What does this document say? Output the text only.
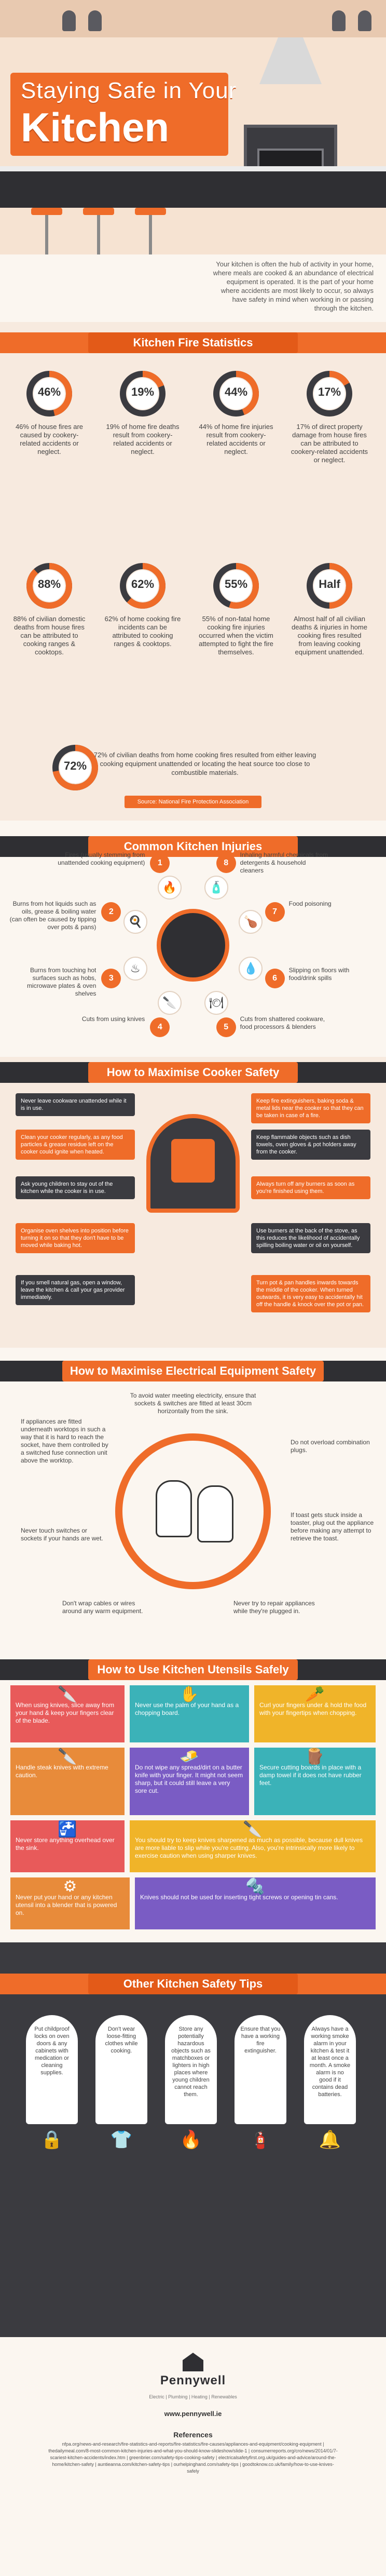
Staying Safe in Your
Kitchen
Your kitchen is often the hub of activity in your home, where meals are cooked & an abundance of electrical equipment is operated. It is the part of your home where accidents are most likely to occur, so always have safety in mind when working in or passing through the kitchen.
Kitchen Fire Statistics
46%
46% of house fires are caused by cookery-related accidents or neglect.
19%
19% of home fire deaths result from cookery-related accidents or neglect.
44%
44% of home fire injuries result from cookery-related accidents or neglect.
17%
17% of direct property damage from house fires can be attributed to cookery-related accidents or neglect.
88%
88% of civilian domestic deaths from house fires can be attributed to cooking ranges & cooktops.
62%
62% of home cooking fire incidents can be attributed to cooking ranges & cooktops.
55%
55% of non-fatal home cooking fire injuries occurred when the victim attempted to fight the fire themselves.
Half
Almost half of all civilian deaths & injuries in home cooking fires resulted from leaving cooking equipment unattended.
72%
72% of civilian deaths from home cooking fires resulted from either leaving cooking equipment unattended or locating the heat source too close to combustible materials.
Source: National Fire Protection Association
Common Kitchen Injuries
🔥
1
Fires (usually stemming from unattended cooking equipment)
🍳
2
Burns from hot liquids such as oils, grease & boiling water (can often be caused by tipping over pots & pans)
♨
3
Burns from touching hot surfaces such as hobs, microwave plates & oven shelves
🔪
4
Cuts from using knives
🍽
5
Cuts from shattered cookware, food processors & blenders
💧
6
Slipping on floors with food/drink spills
🍗
7
Food poisoning
🧴
8
Inhaling harmful chemicals from detergents & household cleaners
How to Maximise Cooker Safety
Never leave cookware unattended while it is in use.
Clean your cooker regularly, as any food particles & grease residue left on the cooker could ignite when heated.
Ask young children to stay out of the kitchen while the cooker is in use.
Organise oven shelves into position before turning it on so that they don't have to be moved while baking hot.
If you smell natural gas, open a window, leave the kitchen & call your gas provider immediately.
Keep fire extinguishers, baking soda & metal lids near the cooker so that they can be taken in case of a fire.
Keep flammable objects such as dish towels, oven gloves & pot holders away from the cooker.
Always turn off any burners as soon as you're finished using them.
Use burners at the back of the stove, as this reduces the likelihood of accidentally spilling boiling water or oil on yourself.
Turn pot & pan handles inwards towards the middle of the cooker. When turned outwards, it is very easy to accidentally hit off the handle & knock over the pot or pan.
How to Maximise Electrical Equipment Safety
To avoid water meeting electricity, ensure that sockets & switches are fitted at least 30cm horizontally from the sink.
If appliances are fitted underneath worktops in such a way that it is hard to reach the socket, have them controlled by a switched fuse connection unit above the worktop.
Do not overload combination plugs.
Never touch switches or sockets if your hands are wet.
If toast gets stuck inside a toaster, plug out the appliance before making any attempt to retrieve the toast.
Don't wrap cables or wires around any warm equipment.
Never try to repair appliances while they're plugged in.
How to Use Kitchen Utensils Safely
🔪
When using knives, slice away from your hand & keep your fingers clear of the blade.
✋
Never use the palm of your hand as a chopping board.
🥕
Curl your fingers under & hold the food with your fingertips when chopping.
🔪
Handle steak knives with extreme caution.
🧈
Do not wipe any spread/dirt on a butter knife with your finger. It might not seem sharp, but it could still leave a very sore cut.
🪵
Secure cutting boards in place with a damp towel if it does not have rubber feet.
🚰
Never store anything overhead over the sink.
🔪
You should try to keep knives sharpened as much as possible, because dull knives are more liable to slip while you're cutting. Also, you're intrinsically more likely to exercise caution when using sharper knives.
⚙
Never put your hand or any kitchen utensil into a blender that is powered on.
🔩
Knives should not be used for inserting tight screws or opening tin cans.
Other Kitchen Safety Tips
Put childproof locks on oven doors & any cabinets with medication or cleaning supplies.
🔒
Don't wear loose-fitting clothes while cooking.
👕
Store any potentially hazardous objects such as matchboxes or lighters in high places where young children cannot reach them.
🔥
Ensure that you have a working fire extinguisher.
🧯
Always have a working smoke alarm in your kitchen & test it at least once a month. A smoke alarm is no good if it contains dead batteries.
🔔
Pennywell
Electric | Plumbing | Heating | Renewables
www.pennywell.ie
References
nfpa.org/news-and-research/fire-statistics-and-reports/fire-statistics/fire-causes/appliances-and-equipment/cooking-equipment | thedailymeal.com/8-most-common-kitchen-injuries-and-what-you-should-know-slideshow/slide-1 | consumerreports.org/cro/news/2014/01/7-scariest-kitchen-accidents/index.htm | greenbrier.com/safety-tips-cooking-safety | electricalsafetyfirst.org.uk/guides-and-advice/around-the-home/kitchen-safety | auntieanna.com/kitchen-safety-tips | ourhelpinghand.com/safety-tips | goodtoknow.co.uk/family/how-to-use-knives-safely
